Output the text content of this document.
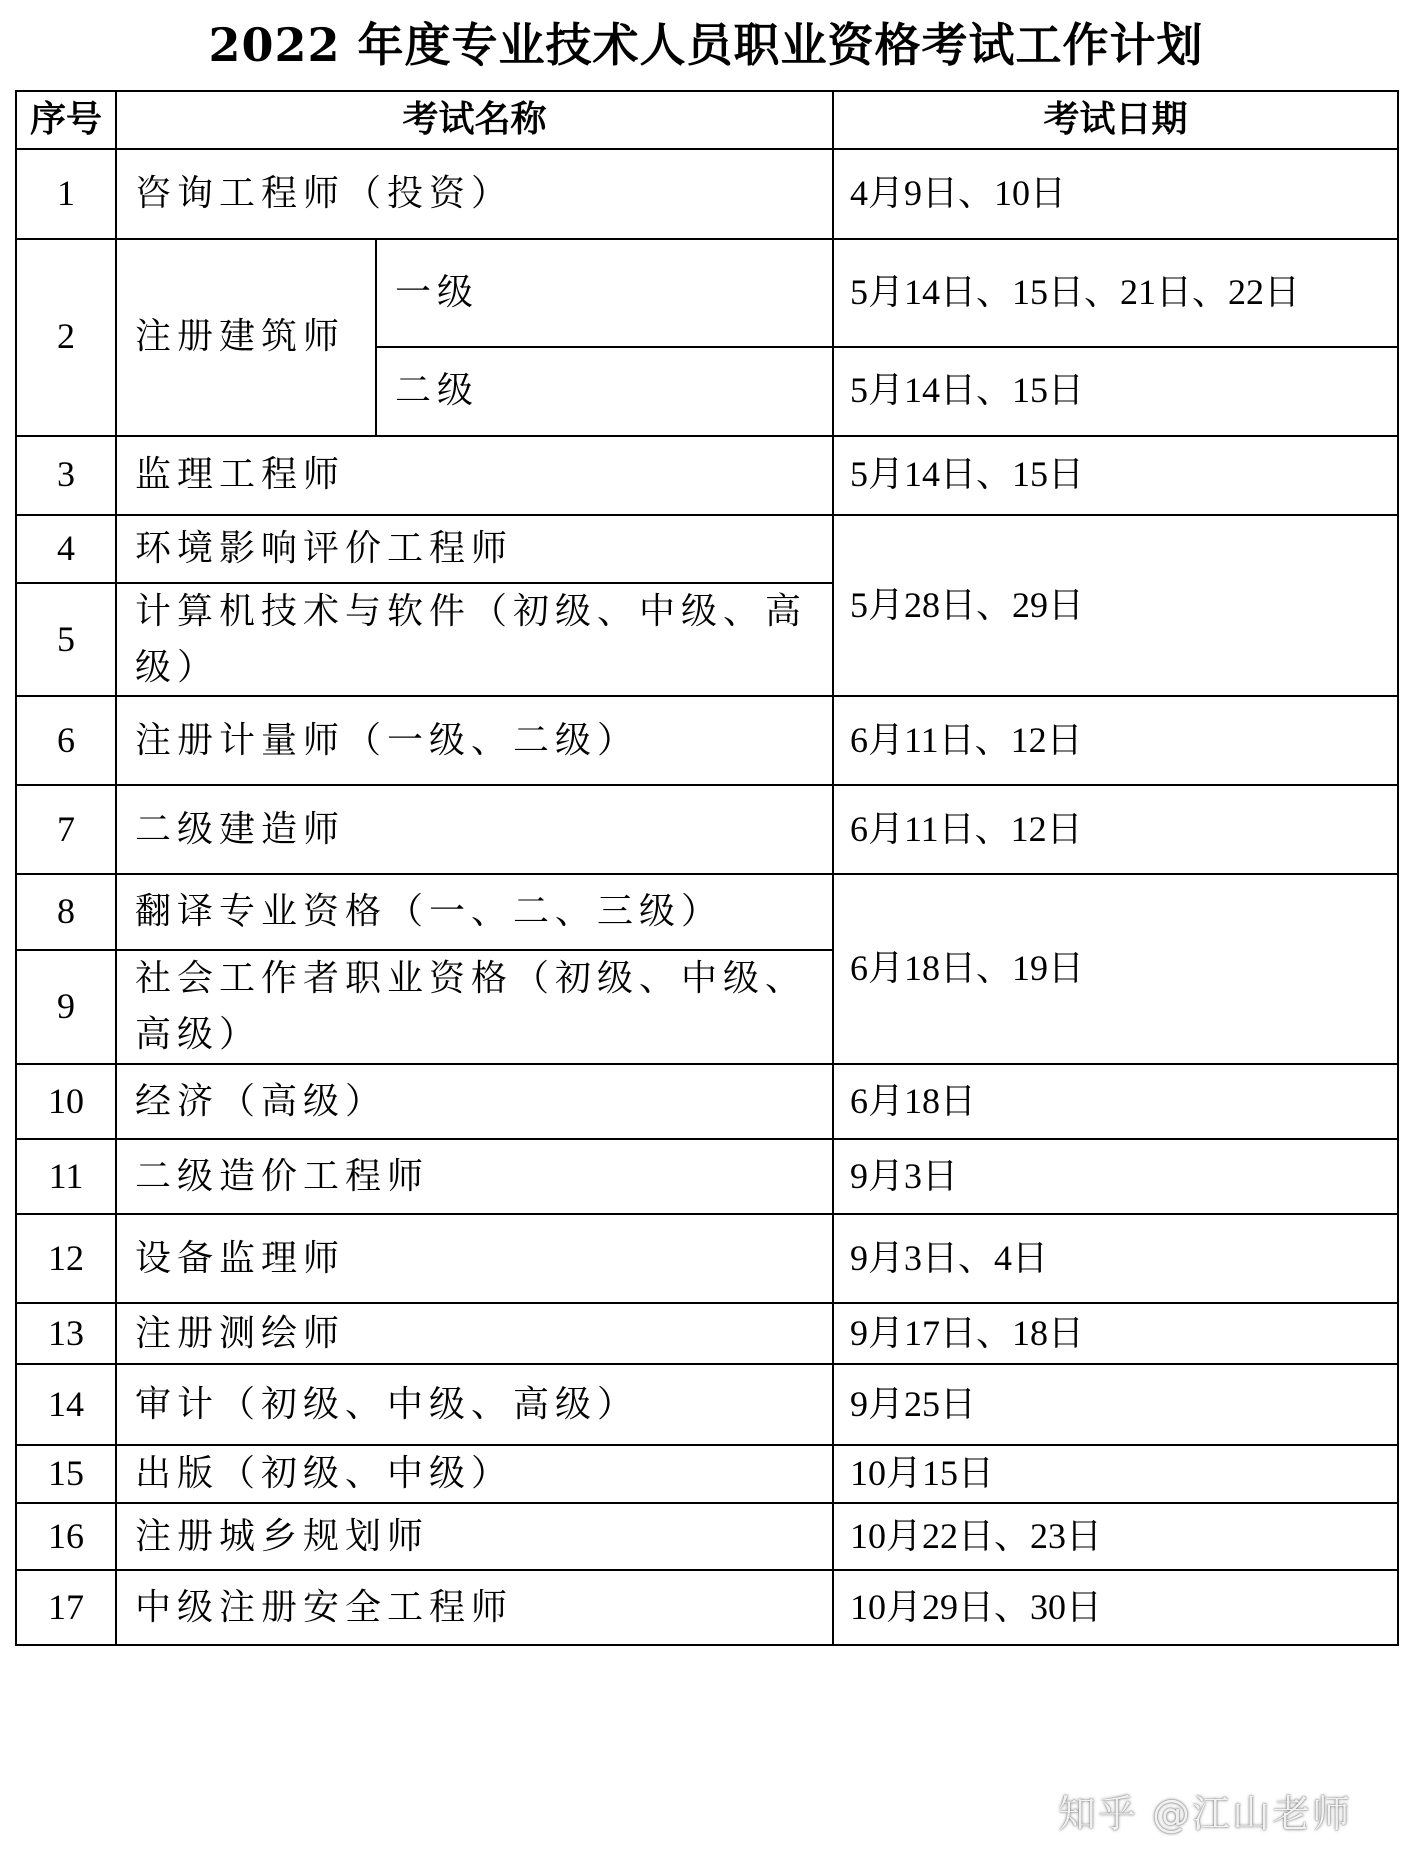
2022 年度专业技术人员职业资格考试工作计划
序号	考试名称		考试日期
1	咨询工程师（投资）		4月9日、10日
2	注册建筑师	一级	5月14日、15日、21日、22日
		二级	5月14日、15日
3	监理工程师		5月14日、15日
4	环境影响评价工程师		5月28日、29日
5	计算机技术与软件（初级、中级、高级）		
6	注册计量师（一级、二级）		6月11日、12日
7	二级建造师		6月11日、12日
8	翻译专业资格（一、二、三级）		6月18日、19日
9	社会工作者职业资格（初级、中级、高级）		
10	经济（高级）		6月18日
11	二级造价工程师		9月3日
12	设备监理师		9月3日、4日
13	注册测绘师		9月17日、18日
14	审计（初级、中级、高级）		9月25日
15	出版（初级、中级）		10月15日
16	注册城乡规划师		10月22日、23日
17	中级注册安全工程师		10月29日、30日
知乎 @江山老师
